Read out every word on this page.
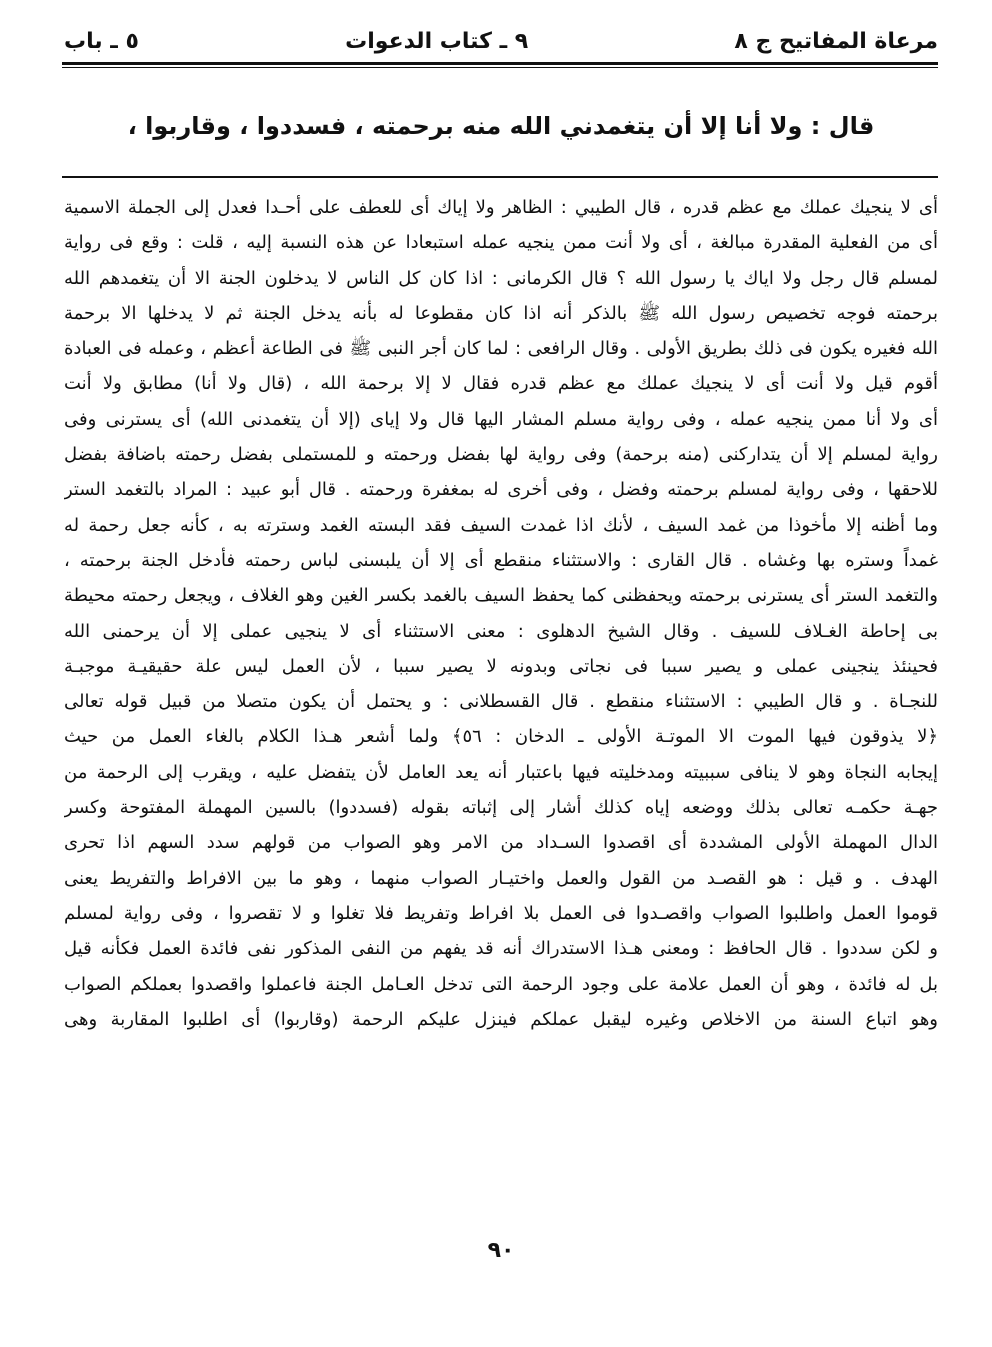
مرعاة المفاتيح ج ٨
٩ ـ كتاب الدعوات
٥ ـ باب
قال : ولا أنا إلا أن يتغمدني الله منه برحمته ، فسددوا ، وقاربوا ،
أى لا ينجيك عملك مع عظم قدره ، قال الطيبي : الظاهر ولا إياك أى للعطف على أحـدا فعدل إلى الجملة الاسمية
أى من الفعلية المقدرة مبالغة ، أى ولا أنت ممن ينجيه عمله استبعادا عن هذه النسبة إليه ، قلت : وقع فى رواية
لمسلم قال رجل ولا اياك يا رسول الله ؟ قال الكرمانى : اذا كان كل الناس لا يدخلون الجنة الا أن يتغمدهم الله
برحمته فوجه تخصيص رسول الله ﷺ بالذكر أنه اذا كان مقطوعا له بأنه يدخل الجنة ثم لا يدخلها الا برحمة
الله فغيره يكون فى ذلك بطريق الأولى . وقال الرافعى : لما كان أجر النبى ﷺ فى الطاعة أعظم ، وعمله فى العبادة
أقوم قيل ولا أنت أى لا ينجيك عملك مع عظم قدره فقال لا إلا برحمة الله ، (قال ولا أنا) مطابق ولا أنت
أى ولا أنا ممن ينجيه عمله ، وفى رواية مسلم المشار اليها قال ولا إياى (إلا أن يتغمدنى الله) أى يسترنى وفى
رواية لمسلم إلا أن يتداركنى (منه برحمة) وفى رواية لها بفضل ورحمته و للمستملى بفضل رحمته باضافة بفضل
للاحقها ، وفى رواية لمسلم برحمته وفضل ، وفى أخرى له بمغفرة ورحمته . قال أبو عبيد : المراد بالتغمد الستر
وما أظنه إلا مأخوذا من غمد السيف ، لأنك اذا غمدت السيف فقد البسته الغمد وسترته به ، كأنه جعل رحمة له
غمداً وستره بها وغشاه . قال القارى : والاستثناء منقطع أى إلا أن يلبسنى لباس رحمته فأدخل الجنة برحمته ،
والتغمد الستر أى يسترنى برحمته ويحفظنى كما يحفظ السيف بالغمد بكسر الغين وهو الغلاف ، ويجعل رحمته محيطة
بى إحاطة الغـلاف للسيف . وقال الشيخ الدهلوى : معنى الاستثناء أى لا ينجيى عملى إلا أن يرحمنى الله
فحينئذ ينجينى عملى و يصير سببا فى نجاتى وبدونه لا يصير سببا ، لأن العمل ليس علة حقيقيـة موجبـة
للنجـاة . و قال الطيبي : الاستثناء منقطع . قال القسطلانى : و يحتمل أن يكون متصلا من قبيل قوله تعالى
﴿لا يذوقون فيها الموت الا الموتـة الأولى ـ الدخان : ٥٦﴾ ولما أشعر هـذا الكلام بالغاء العمل من حيث
إيجابه النجاة وهو لا ينافى سببيته ومدخليته فيها باعتبار أنه يعد العامل لأن يتفضل عليه ، ويقرب إلى الرحمة من
جهـة حكمـه تعالى بذلك ووضعه إياه كذلك أشار إلى إثباته بقوله (فسددوا) بالسين المهملة المفتوحة وكسر
الدال المهملة الأولى المشددة أى اقصدوا السـداد من الامر وهو الصواب من قولهم سدد السهم اذا تحرى
الهدف . و قيل : هو القصـد من القول والعمل واختيـار الصواب منهما ، وهو ما بين الافراط والتفريط يعنى
قوموا العمل واطلبوا الصواب واقصـدوا فى العمل بلا افراط وتفريط فلا تغلوا و لا تقصروا ، وفى رواية لمسلم
و لكن سددوا . قال الحافظ : ومعنى هـذا الاستدراك أنه قد يفهم من النفى المذكور نفى فائدة العمل فكأنه قيل
بل له فائدة ، وهو أن العمل علامة على وجود الرحمة التى تدخل العـامل الجنة فاعملوا واقصدوا بعملكم الصواب
وهو اتباع السنة من الاخلاص وغيره ليقبل عملكم فينزل عليكم الرحمة (وقاربوا) أى اطلبوا المقاربة وهى
٩٠
